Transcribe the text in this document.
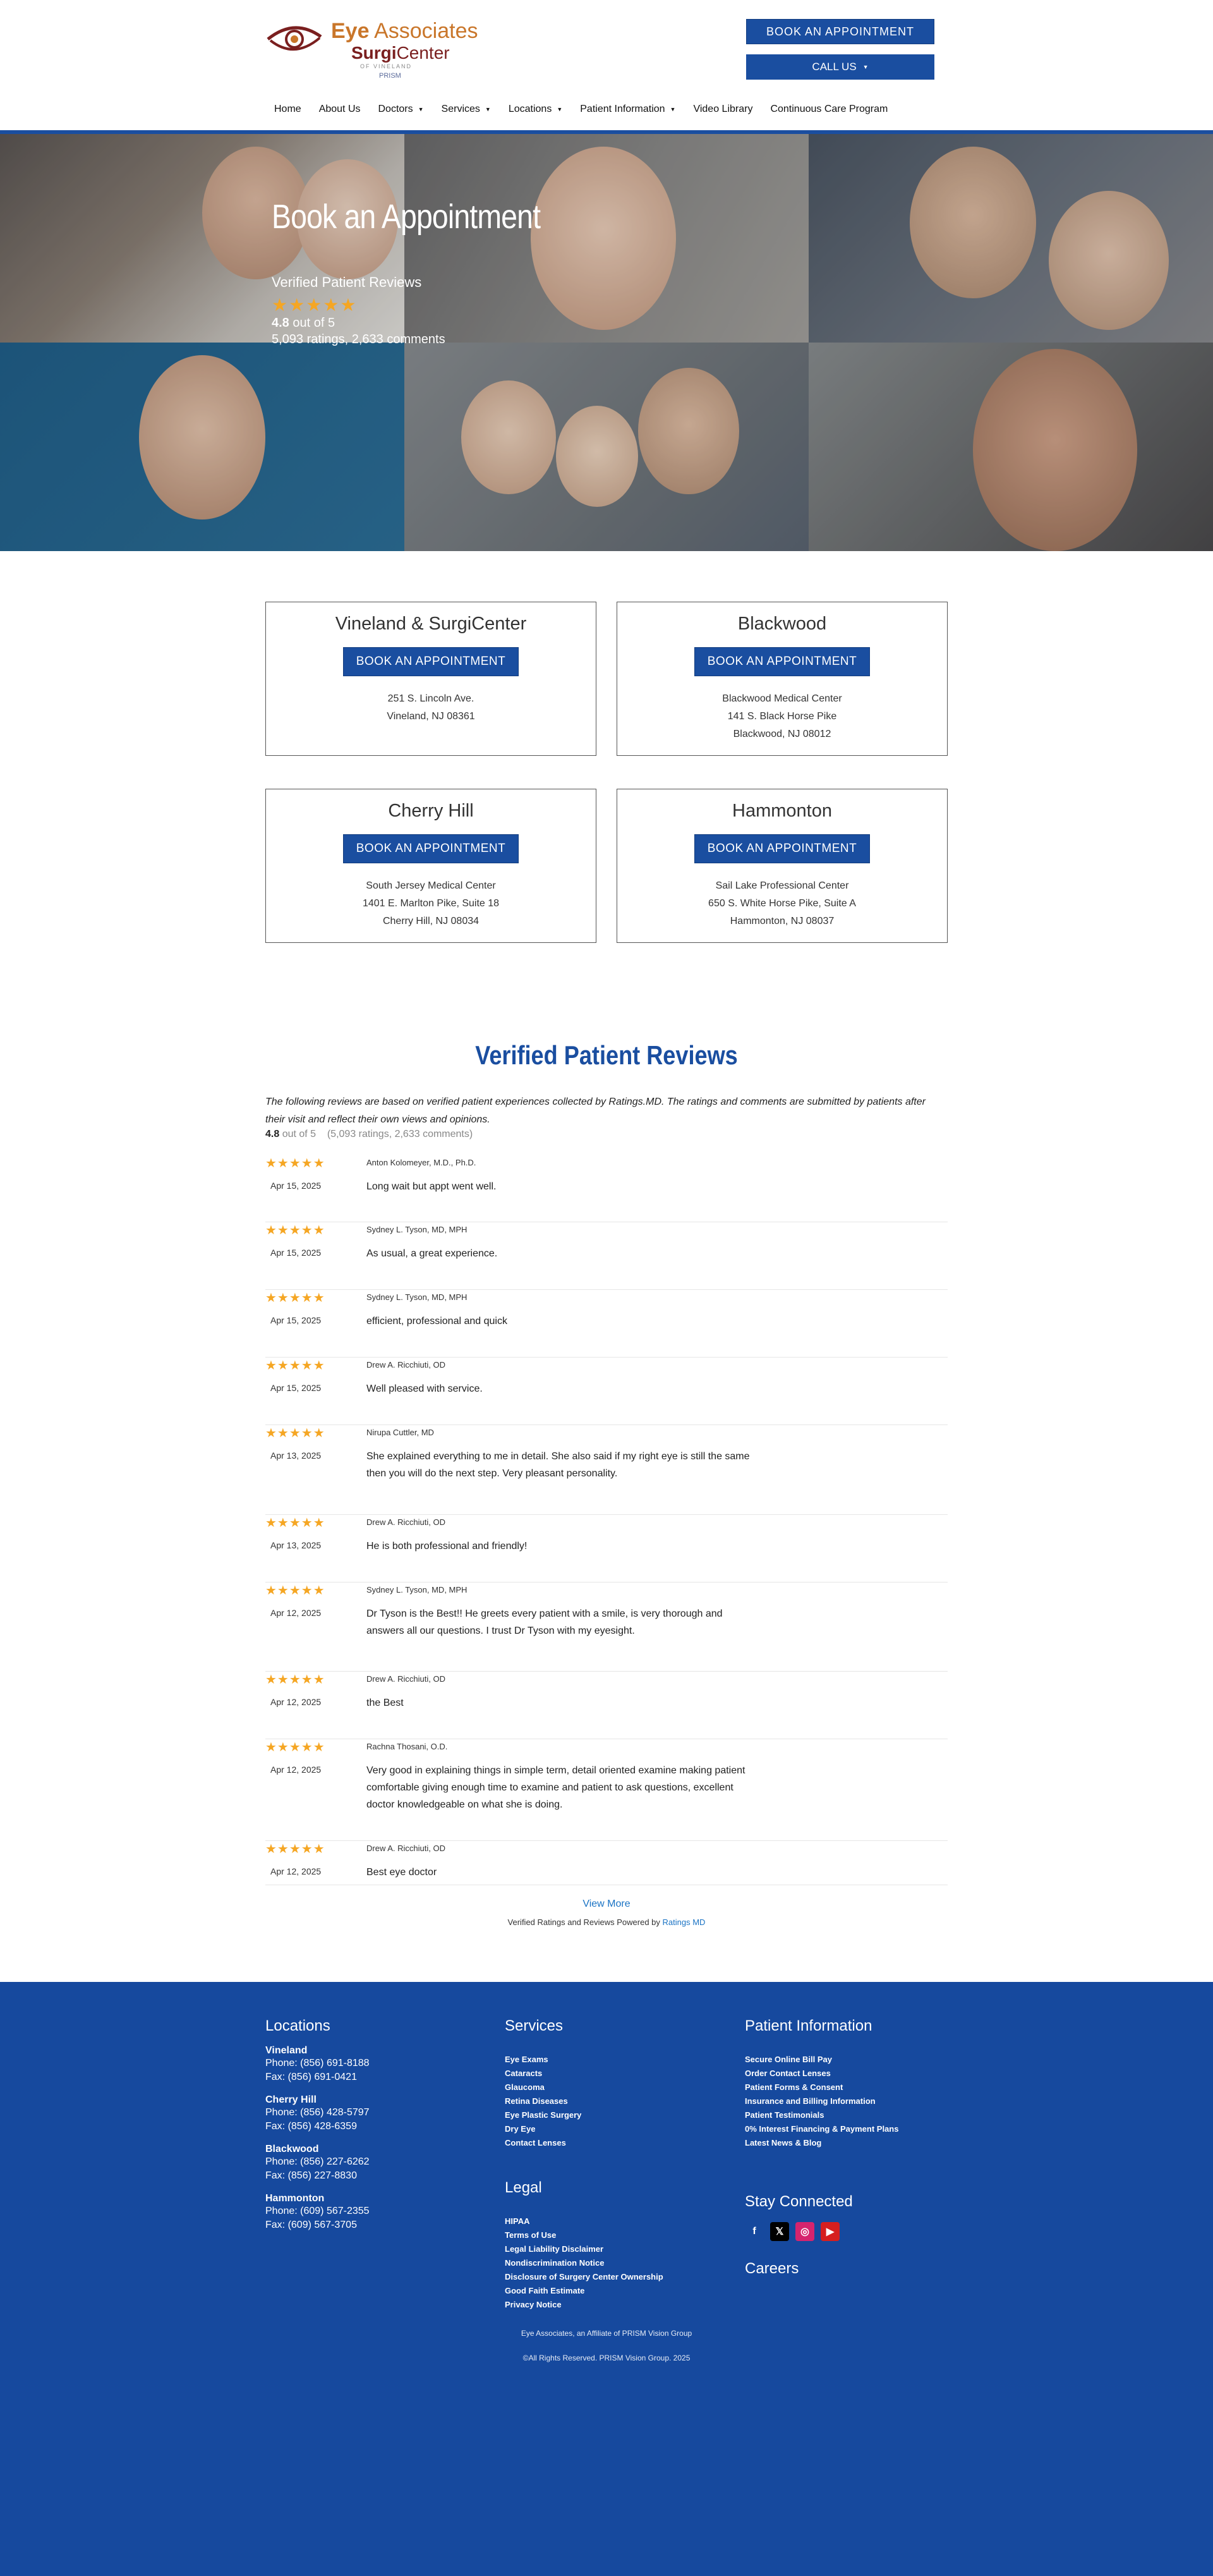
Eye Associates
SurgiCenter
OF VINELAND
PRISM
BOOK AN APPOINTMENT
CALL US ▼
Home About Us Doctors ▼ Services ▼ Locations ▼ Patient Information ▼ Video Library Continuous Care Program
Book an Appointment
Verified Patient Reviews
★★★★★
4.8 out of 5
5,093 ratings, 2,633 comments
Vineland & SurgiCenter
BOOK AN APPOINTMENT
251 S. Lincoln Ave.
Vineland, NJ 08361
Blackwood
BOOK AN APPOINTMENT
Blackwood Medical Center
141 S. Black Horse Pike
Blackwood, NJ 08012
Cherry Hill
BOOK AN APPOINTMENT
South Jersey Medical Center
1401 E. Marlton Pike, Suite 18
Cherry Hill, NJ 08034
Hammonton
BOOK AN APPOINTMENT
Sail Lake Professional Center
650 S. White Horse Pike, Suite A
Hammonton, NJ 08037
Verified Patient Reviews

The following reviews are based on verified patient experiences collected by Ratings.MD. The ratings and comments are submitted by patients after their visit and reflect their own views and opinions.

4.8 out of 5    (5,093 ratings, 2,633 comments)
★★★★★
Apr 15, 2025
Anton Kolomeyer, M.D., Ph.D.
Long wait but appt went well.
★★★★★
Apr 15, 2025
Sydney L. Tyson, MD, MPH
As usual, a great experience.
★★★★★
Apr 15, 2025
Sydney L. Tyson, MD, MPH
efficient, professional and quick
★★★★★
Apr 15, 2025
Drew A. Ricchiuti, OD
Well pleased with service.
★★★★★
Apr 13, 2025
Nirupa Cuttler, MD
She explained everything to me in detail. She also said if my right eye is still the same then you will do the next step. Very pleasant personality.
★★★★★
Apr 13, 2025
Drew A. Ricchiuti, OD
He is both professional and friendly!
★★★★★
Apr 12, 2025
Sydney L. Tyson, MD, MPH
Dr Tyson is the Best!! He greets every patient with a smile, is very thorough and answers all our questions. I trust Dr Tyson with my eyesight.
★★★★★
Apr 12, 2025
Drew A. Ricchiuti, OD
the Best
★★★★★
Apr 12, 2025
Rachna Thosani, O.D.
Very good in explaining things in simple term, detail oriented examine making patient comfortable giving enough time to examine and patient to ask questions, excellent doctor knowledgeable on what she is doing.
★★★★★
Apr 12, 2025
Drew A. Ricchiuti, OD
Best eye doctor
View More
Verified Ratings and Reviews Powered by Ratings MD
Locations
Vineland
Phone: (856) 691-8188
Fax: (856) 691-0421
Cherry Hill
Phone: (856) 428-5797
Fax: (856) 428-6359
Blackwood
Phone: (856) 227-6262
Fax: (856) 227-8830
Hammonton
Phone: (609) 567-2355
Fax: (609) 567-3705
Services
Eye Exams
Cataracts
Glaucoma
Retina Diseases
Eye Plastic Surgery
Dry Eye
Contact Lenses
Legal
HIPAA
Terms of Use
Legal Liability Disclaimer
Nondiscrimination Notice
Disclosure of Surgery Center Ownership
Good Faith Estimate
Privacy Notice
Patient Information
Secure Online Bill Pay
Order Contact Lenses
Patient Forms & Consent
Insurance and Billing Information
Patient Testimonials
0% Interest Financing & Payment Plans
Latest News & Blog
Stay Connected
f	𝕏	◎	▶
Careers
Eye Associates, an Affiliate of PRISM Vision Group
©All Rights Reserved. PRISM Vision Group. 2025
